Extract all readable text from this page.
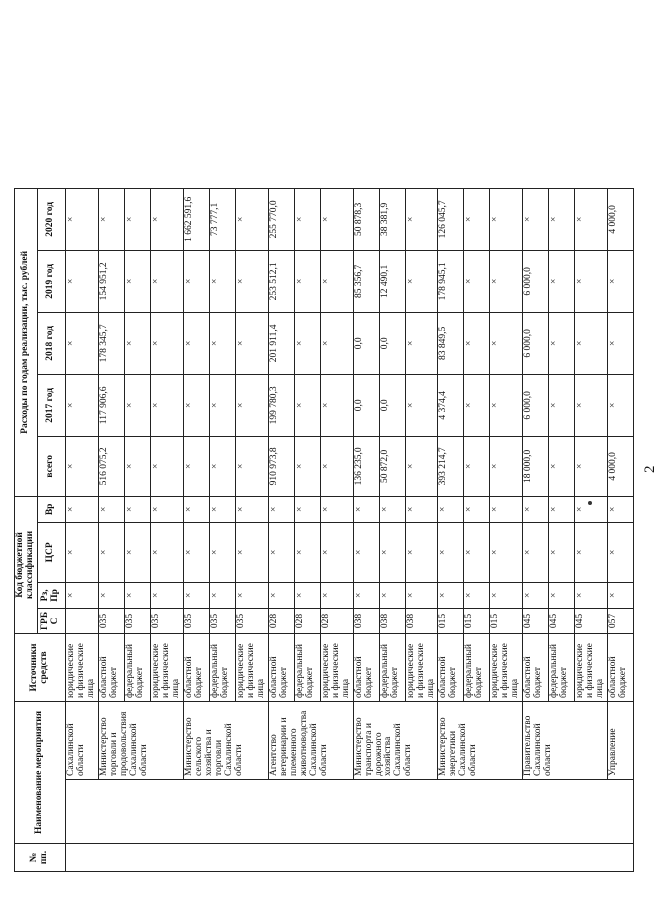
2
№ пп.	Наименование мероприятия		Источники средств	Код бюджетной классификации				Расходы по годам реализации, тыс. рублей				
				ГРБ С	Рз, Пр	ЦСР	Вр	всего	2017 год	2018 год	2019 год	2020 год
		Сахалинской области	юридические и физические лица		×	×	×	×	×	×	×	×
		Министерство торговли и продовольствия Сахалинской области	областной бюджет	035	×	×	×	516 075,2	117 906,6	178 345,7	154 951,2	×
			федеральный бюджет	035	×	×	×	×	×	×	×	×
			юридические и физические лица	035	×	×	×	×	×	×	×	×
		Министерство сельского хозяйства и торговли Сахалинской области	областной бюджет	035	×	×	×	×	×	×	×	1 662 591,6
			федеральный бюджет	035	×	×	×	×	×	×	×	73 777,1
			юридические и физические лица	035	×	×	×	×	×	×	×	×
		Агентство ветеринарии и племенного животноводства Сахалинской области	областной бюджет	028	×	×	×	910 973,8	199 780,3	201 911,4	253 512,1	255 770,0
			федеральный бюджет	028	×	×	×	×	×	×	×	×
			юридические и физические лица	028	×	×	×	×	×	×	×	×
		Министерство транспорта и дорожного хозяйства Сахалинской области	областной бюджет	038	×	×	×	136 235,0	0,0	0,0	85 356,7	50 878,3
			федеральный бюджет	038	×	×	×	50 872,0	0,0	0,0	12 490,1	38 381,9
			юридические и физические лица	038	×	×	×	×	×	×	×	×
		Министерство энергетики Сахалинской области	областной бюджет	015	×	×	×	393 214,7	4 374,4	83 849,5	178 945,1	126 045,7
			федеральный бюджет	015	×	×	×	×	×	×	×	×
			юридические и физические лица	015	×	×	×	×	×	×	×	×
		Правительство Сахалинской области	областной бюджет	045	×	×	×	18 000,0	6 000,0	6 000,0	6 000,0	×
			федеральный бюджет	045	×	×	×	×	×	×	×	×
			юридические и физические лица	045	×	×	×	×	×	×	×	×
		Управление	областной бюджет	057	×	×	×	4 000,0	×	×	×	4 000,0
